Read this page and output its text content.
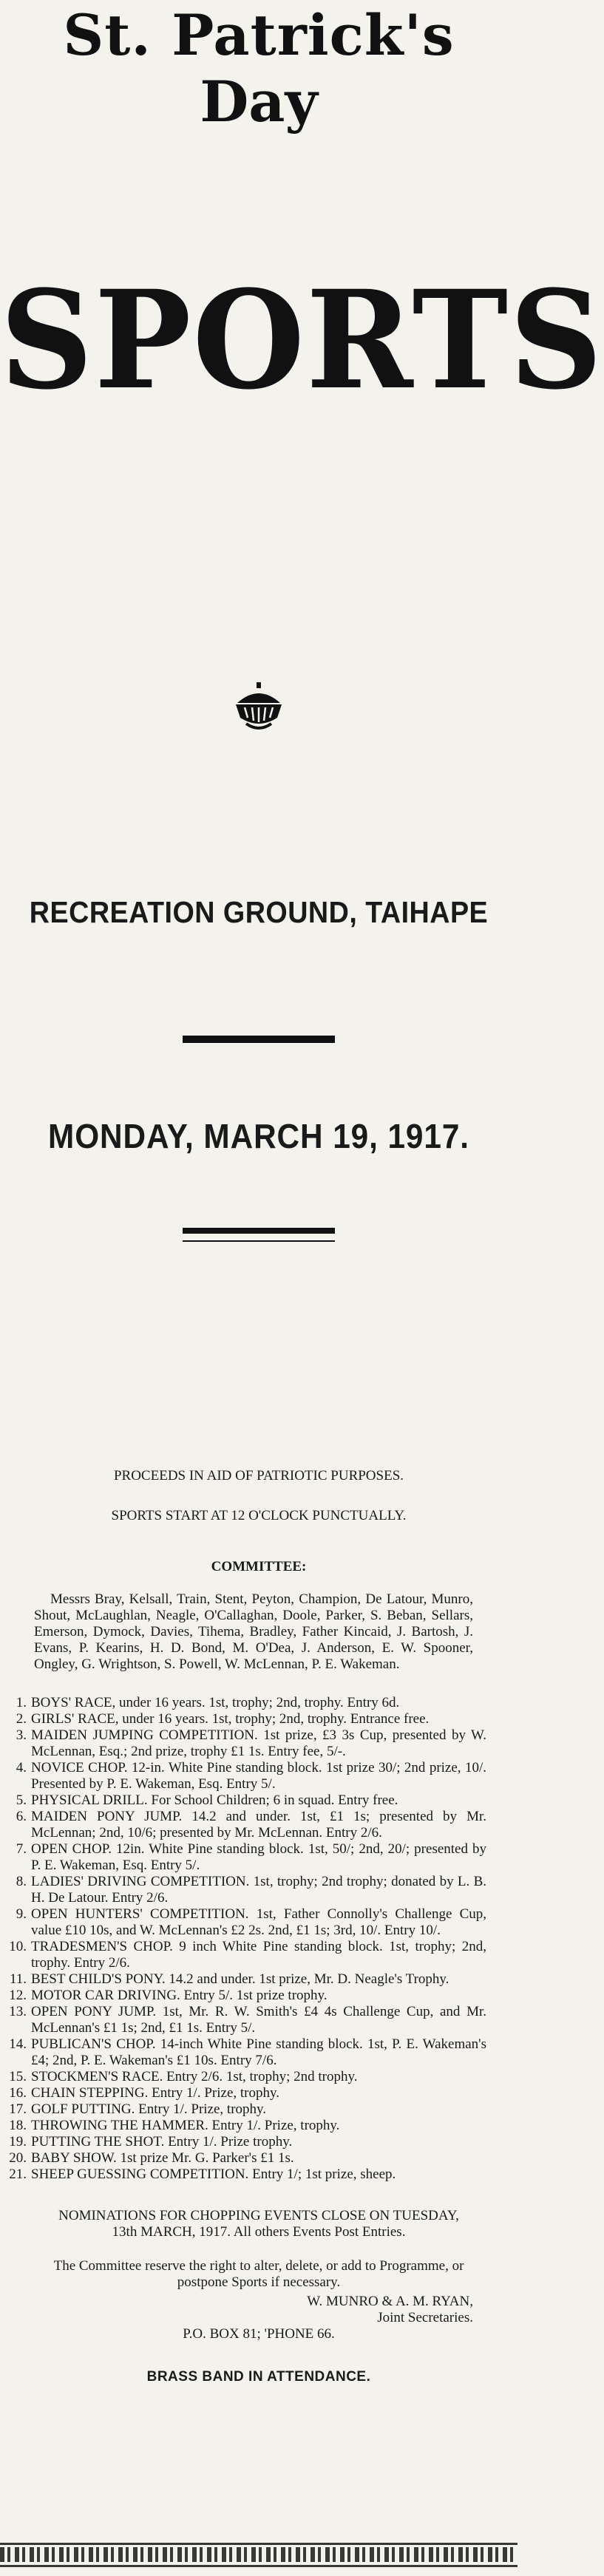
St. Patrick's
Day
SPORTS
RECREATION GROUND, TAIHAPE
MONDAY, MARCH 19, 1917.
PROCEEDS IN AID OF PATRIOTIC PURPOSES.
SPORTS START AT 12 O'CLOCK PUNCTUALLY.
COMMITTEE:
Messrs Bray, Kelsall, Train, Stent, Peyton, Champion, De Latour, Munro, Shout, McLaughlan, Neagle, O'Callaghan, Doole, Parker, S. Beban, Sellars, Emerson, Dymock, Davies, Tihema, Bradley, Father Kincaid, J. Bartosh, J. Evans, P. Kearins, H. D. Bond, M. O'Dea, J. Anderson, E. W. Spooner, Ongley, G. Wrightson, S. Powell, W. McLennan, P. E. Wakeman.
1. BOYS' RACE, under 16 years. 1st, trophy; 2nd, trophy. Entry 6d.
2. GIRLS' RACE, under 16 years. 1st, trophy; 2nd, trophy. Entrance free.
3. MAIDEN JUMPING COMPETITION. 1st prize, £3 3s Cup, presented by W. McLennan, Esq.; 2nd prize, trophy £1 1s. Entry fee, 5/-.
4. NOVICE CHOP. 12-in. White Pine standing block. 1st prize 30/; 2nd prize, 10/. Presented by P. E. Wakeman, Esq. Entry 5/.
5. PHYSICAL DRILL. For School Children; 6 in squad. Entry free.
6. MAIDEN PONY JUMP. 14.2 and under. 1st, £1 1s; presented by Mr. McLennan; 2nd, 10/6; presented by Mr. McLennan. Entry 2/6.
7. OPEN CHOP. 12in. White Pine standing block. 1st, 50/; 2nd, 20/; presented by P. E. Wakeman, Esq. Entry 5/.
8. LADIES' DRIVING COMPETITION. 1st, trophy; 2nd trophy; donated by L. B. H. De Latour. Entry 2/6.
9. OPEN HUNTERS' COMPETITION. 1st, Father Connolly's Challenge Cup, value £10 10s, and W. McLennan's £2 2s. 2nd, £1 1s; 3rd, 10/. Entry 10/.
10. TRADESMEN'S CHOP. 9 inch White Pine standing block. 1st, trophy; 2nd, trophy. Entry 2/6.
11. BEST CHILD'S PONY. 14.2 and under. 1st prize, Mr. D. Neagle's Trophy.
12. MOTOR CAR DRIVING. Entry 5/. 1st prize trophy.
13. OPEN PONY JUMP. 1st, Mr. R. W. Smith's £4 4s Challenge Cup, and Mr. McLennan's £1 1s; 2nd, £1 1s. Entry 5/.
14. PUBLICAN'S CHOP. 14-inch White Pine standing block. 1st, P. E. Wakeman's £4; 2nd, P. E. Wakeman's £1 10s. Entry 7/6.
15. STOCKMEN'S RACE. Entry 2/6. 1st, trophy; 2nd trophy.
16. CHAIN STEPPING. Entry 1/. Prize, trophy.
17. GOLF PUTTING. Entry 1/. Prize, trophy.
18. THROWING THE HAMMER. Entry 1/. Prize, trophy.
19. PUTTING THE SHOT. Entry 1/. Prize trophy.
20. BABY SHOW. 1st prize Mr. G. Parker's £1 1s.
21. SHEEP GUESSING COMPETITION. Entry 1/; 1st prize, sheep.
NOMINATIONS FOR CHOPPING EVENTS CLOSE ON TUESDAY, 13th MARCH, 1917. All others Events Post Entries.
The Committee reserve the right to alter, delete, or add to Programme, or postpone Sports if necessary.
W. MUNRO & A. M. RYAN,
Joint Secretaries.
P.O. BOX 81; 'PHONE 66.
BRASS BAND IN ATTENDANCE.
